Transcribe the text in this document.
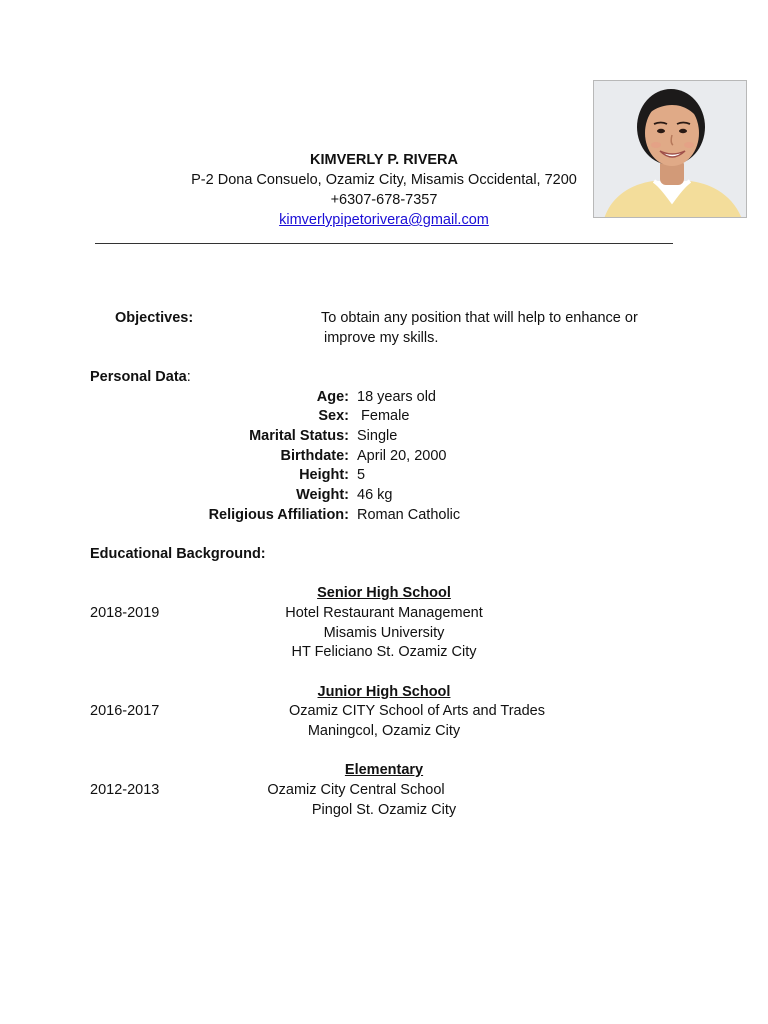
KIMVERLY P. RIVERA
P-2 Dona Consuelo, Ozamiz City, Misamis Occidental, 7200
+6307-678-7357
kimverlypipetorivera@gmail.com
Objectives:	To obtain any position that will help to enhance or
improve my skills.
Personal Data:
Age: 18 years old
Sex: Female
Marital Status: Single
Birthdate: April 20, 2000
Height: 5
Weight: 46 kg
Religious Affiliation: Roman Catholic
Educational Background:
Senior High School
2018-2019	Hotel Restaurant Management
Misamis University
HT Feliciano St. Ozamiz City
Junior High School
2016-2017	Ozamiz CITY School of Arts and Trades
Maningcol, Ozamiz City
Elementary
2012-2013	Ozamiz City Central School
Pingol St. Ozamiz City
